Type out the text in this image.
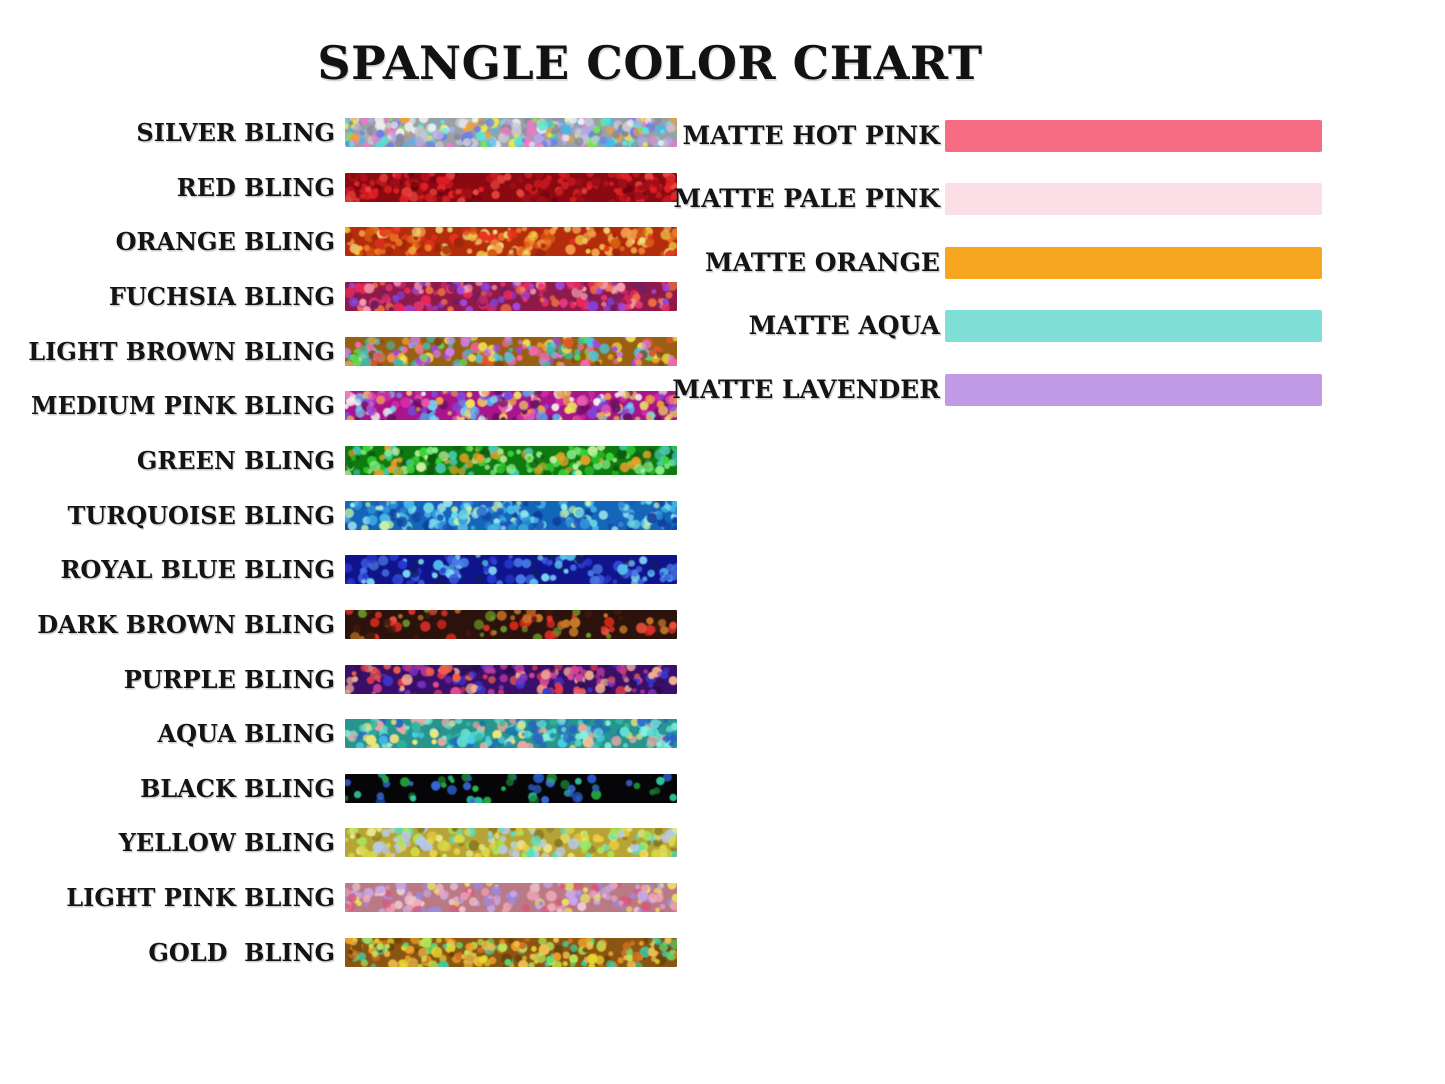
SPANGLE COLOR CHART
SILVER BLING
RED BLING
ORANGE BLING
FUCHSIA BLING
LIGHT BROWN BLING
MEDIUM PINK BLING
GREEN BLING
TURQUOISE BLING
ROYAL BLUE BLING
DARK BROWN BLING
PURPLE BLING
AQUA BLING
BLACK BLING
YELLOW BLING
LIGHT PINK BLING
GOLD  BLING
MATTE HOT PINK
MATTE PALE PINK
MATTE ORANGE
MATTE AQUA
MATTE LAVENDER
